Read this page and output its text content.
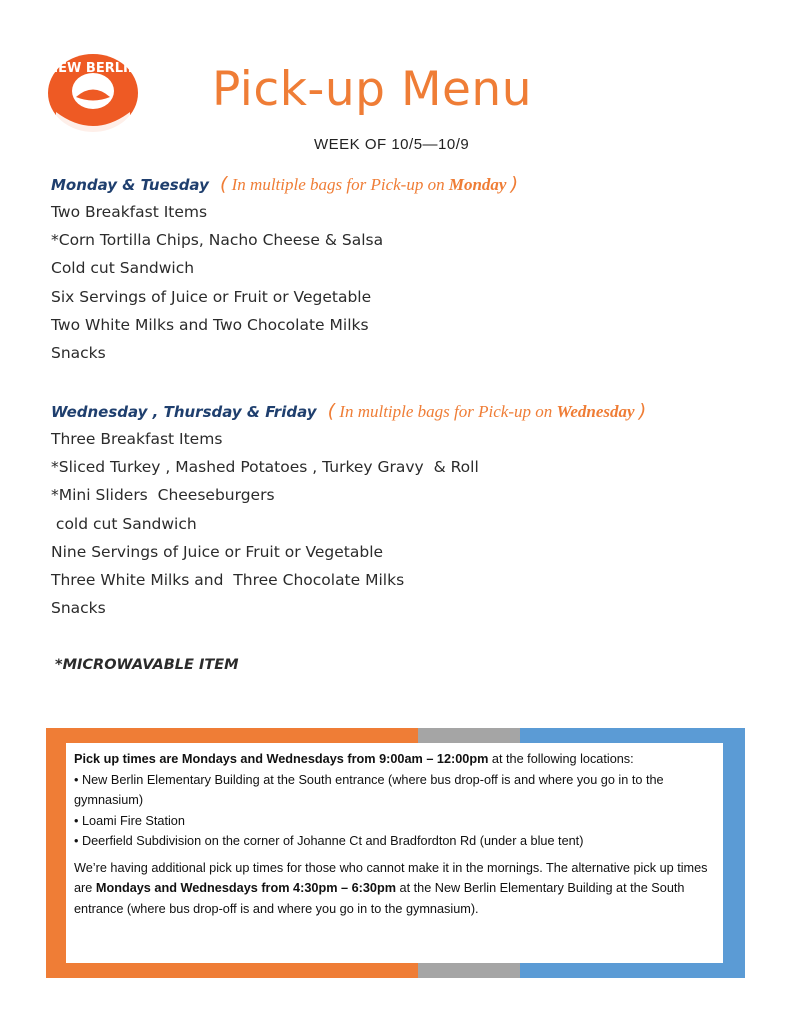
NEW BERLIN Pick-up Menu
WEEK OF 10/5—10/9
Monday & Tuesday ( In multiple bags for Pick-up on Monday )
Two Breakfast Items
*Corn Tortilla Chips, Nacho Cheese & Salsa
Cold cut Sandwich
Six Servings of Juice or Fruit or Vegetable
Two White Milks and Two Chocolate Milks
Snacks
Wednesday , Thursday & Friday ( In multiple bags for Pick-up on Wednesday )
Three Breakfast Items
*Sliced Turkey , Mashed Potatoes , Turkey Gravy  & Roll
*Mini Sliders  Cheeseburgers
cold cut Sandwich
Nine Servings of Juice or Fruit or Vegetable
Three White Milks and  Three Chocolate Milks
Snacks
*MICROWAVABLE ITEM

Pick up times are Mondays and Wednesdays from 9:00am – 12:00pm at the following locations:

• New Berlin Elementary Building at the South entrance (where bus drop-off is and where you go in to the gymnasium)

• Loami Fire Station

• Deerfield Subdivision on the corner of Johanne Ct and Bradfordton Rd (under a blue tent)

We’re having additional pick up times for those who cannot make it in the mornings. The alternative pick up times are Mondays and Wednesdays from 4:30pm – 6:30pm at the New Berlin Elementary Building at the South entrance (where bus drop-off is and where you go in to the gymnasium).
